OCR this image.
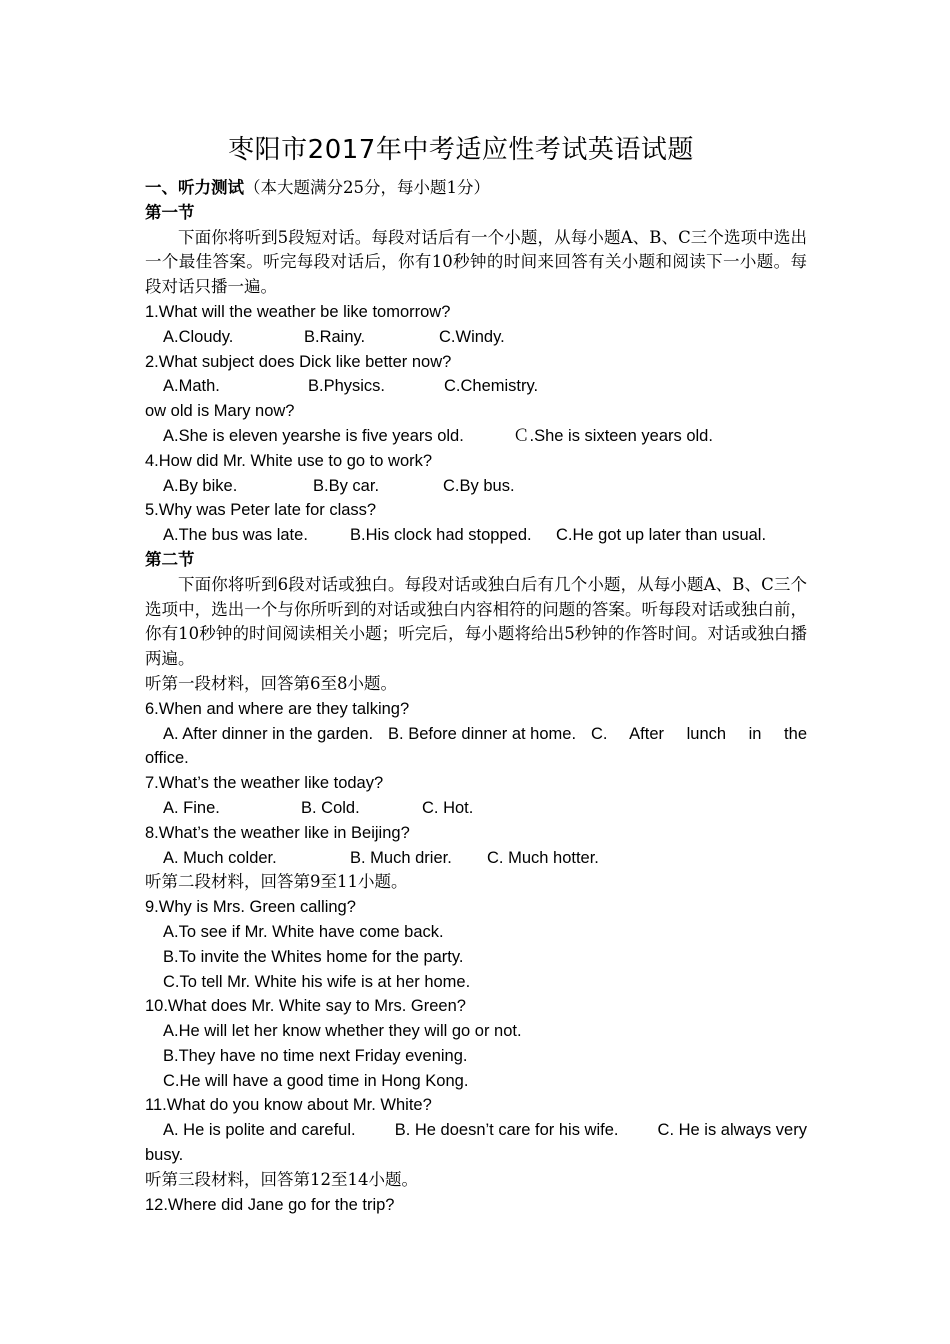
枣阳市2017年中考适应性考试英语试题
一、听力测试（本大题满分25分，每小题1分）
第一节
下面你将听到5段短对话。每段对话后有一个小题，从每小题A、B、C三个选项中选出一个最佳答案。听完每段对话后，你有10秒钟的时间来回答有关小题和阅读下一小题。每段对话只播一遍。
1.What will the weather be like tomorrow?
A.Cloudy.	B.Rainy.	C.Windy.
2.What subject does Dick like better now?
A.Math.	B.Physics.	C.Chemistry.
ow old is Mary now?
A.She is eleven yearshe is five years old.	Ｃ.She is sixteen years old.
4.How did Mr. White use to go to work?
A.By bike.	B.By car.	C.By bus.
5.Why was Peter late for class?
A.The bus was late.	B.His clock had stopped.	C.He got up later than usual.
第二节
下面你将听到6段对话或独白。每段对话或独白后有几个小题，从每小题A、B、C三个选项中，选出一个与你所听到的对话或独白内容相符的问题的答案。听每段对话或独白前，你有10秒钟的时间阅读相关小题；听完后，每小题将给出5秒钟的作答时间。对话或独白播两遍。
听第一段材料，回答第6至8小题。
6.When and where are they talking?
A. After dinner in the garden. B. Before dinner at home. C. After lunch in the
office.
7.What’s the weather like today?
A. Fine.	B. Cold.	C. Hot.
8.What’s the weather like in Beijing?
A. Much colder.	B. Much drier.	C. Much hotter.
听第二段材料，回答第9至11小题。
9.Why is Mrs. Green calling?
A.To see if Mr. White have come back.
B.To invite the Whites home for the party.
C.To tell Mr. White his wife is at her home.
10.What does Mr. White say to Mrs. Green?
A.He will let her know whether they will go or not.
B.They have no time next Friday evening.
C.He will have a good time in Hong Kong.
11.What do you know about Mr. White?
A. He is polite and careful. B. He doesn’t care for his wife. C. He is always very
busy.
听第三段材料，回答第12至14小题。
12.Where did Jane go for the trip?
